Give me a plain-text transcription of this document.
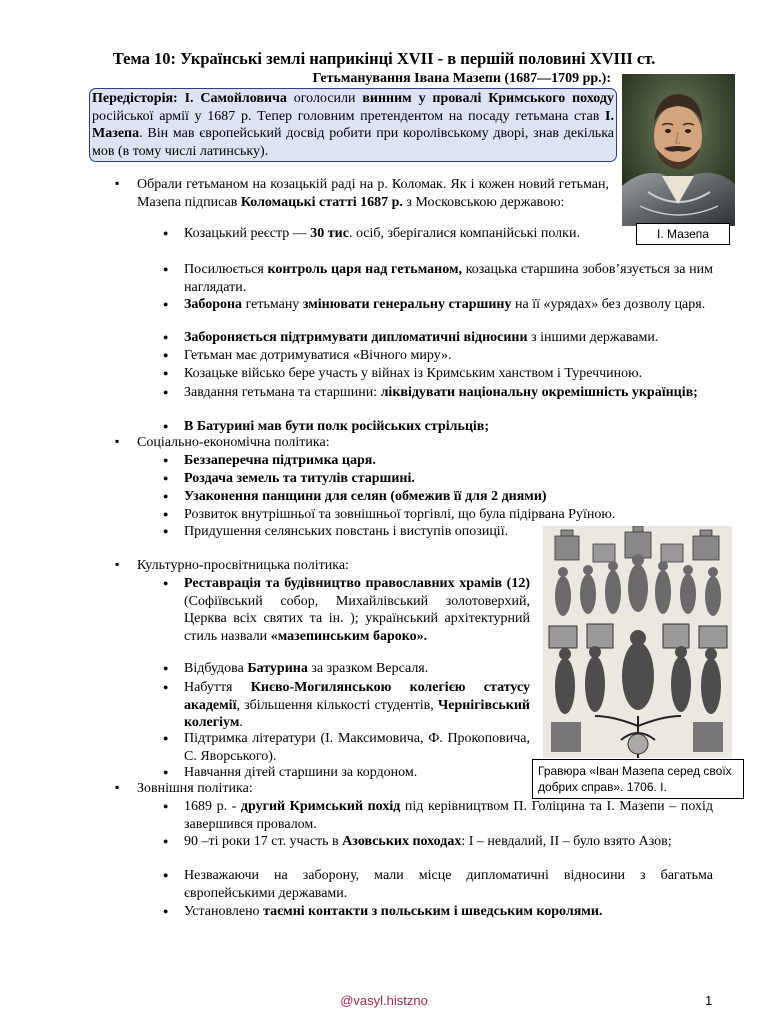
Тема 10: Українські землі наприкінці XVII - в першій половині XVIII ст.
Гетьманування Івана Мазепи (1687—1709 рр.):
Передісторія: І. Самойловича оголосили винним у провалі Кримського походу російської армії у 1687 р. Тепер головним претендентом на посаду гетьмана став І. Мазепа. Він мав європейський досвід робити при королівському дворі, знав декілька мов (в тому числі латинську).
І. Мазепа
Гравюра «Іван Мазепа серед своїх добрих справ». 1706. І.
▪ Обрали гетьманом на козацькій раді на р. Коломак. Як і кожен новий гетьман, Мазепа підписав Коломацькі статті 1687 р. з Московською державою:
● Козацький реєстр — 30 тис. осіб, зберігалися компанійські полки.
● Посилюється контроль царя над гетьманом, козацька старшина зобов’язується за ним наглядати.
● Заборона гетьману змінювати генеральну старшину на її «урядах» без дозволу царя.
● Забороняється підтримувати дипломатичні відносини з іншими державами.
● Гетьман має дотримуватися «Вічного миру».
● Козацьке військо бере участь у війнах із Кримським ханством і Туреччиною.
● Завдання гетьмана та старшини: ліквідувати національну окремішність українців;
● В Батурині мав бути полк російських стрільців;
▪ Соціально-економічна політика:
● Беззаперечна підтримка царя.
● Роздача земель та титулів старшині.
● Узаконення панщини для селян (обмежив її для 2 днями)
● Розвиток внутрішньої та зовнішньої торгівлі, що була підірвана Руїною.
● Придушення селянських повстань і виступів опозиції.
▪ Культурно-просвітницька політика:
● Реставрація та будівництво православних храмів (12) (Софіївський собор, Михайлівський золотоверхий, Церква всіх святих та ін. ); український архітектурний стиль назвали «мазепинським бароко».
● Відбудова Батурина за зразком Версаля.
● Набуття Києво-Могилянською колегією статусу академії, збільшення кількості студентів, Чернігівський колегіум.
● Підтримка літератури (І. Максимовича, Ф. Прокоповича, С. Яворського).
● Навчання дітей старшини за кордоном.
▪ Зовнішня політика:
● 1689 р. - другий Кримський похід під керівництвом П. Голіцина та І. Мазепи – похід завершився провалом.
● 90 –ті роки 17 ст. участь в Азовських походах: І – невдалий, ІІ – було взято Азов;
● Незважаючи на заборону, мали місце дипломатичні відносини з багатьма європейськими державами.
● Установлено таємні контакти з польським і шведським королями.
@vasyl.histzno	1
